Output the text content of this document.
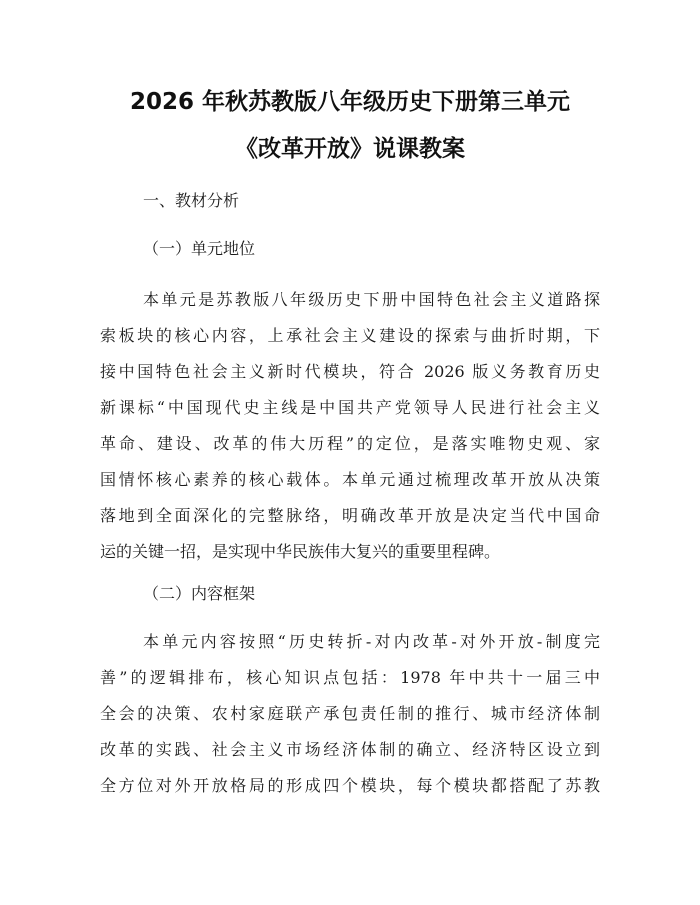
2026 年秋苏教版八年级历史下册第三单元
《改革开放》说课教案
一、教材分析
（一）单元地位
本单元是苏教版八年级历史下册中国特色社会主义道路探
索板块的核心内容，上承社会主义建设的探索与曲折时期，下
接中国特色社会主义新时代模块，符合 2026 版义务教育历史
新课标“中国现代史主线是中国共产党领导人民进行社会主义
革命、建设、改革的伟大历程”的定位，是落实唯物史观、家
国情怀核心素养的核心载体。本单元通过梳理改革开放从决策
落地到全面深化的完整脉络，明确改革开放是决定当代中国命
运的关键一招，是实现中华民族伟大复兴的重要里程碑。
（二）内容框架
本单元内容按照“历史转折-对内改革-对外开放-制度完
善”的逻辑排布，核心知识点包括：1978 年中共十一届三中
全会的决策、农村家庭联产承包责任制的推行、城市经济体制
改革的实践、社会主义市场经济体制的确立、经济特区设立到
全方位对外开放格局的形成四个模块，每个模块都搭配了苏教
